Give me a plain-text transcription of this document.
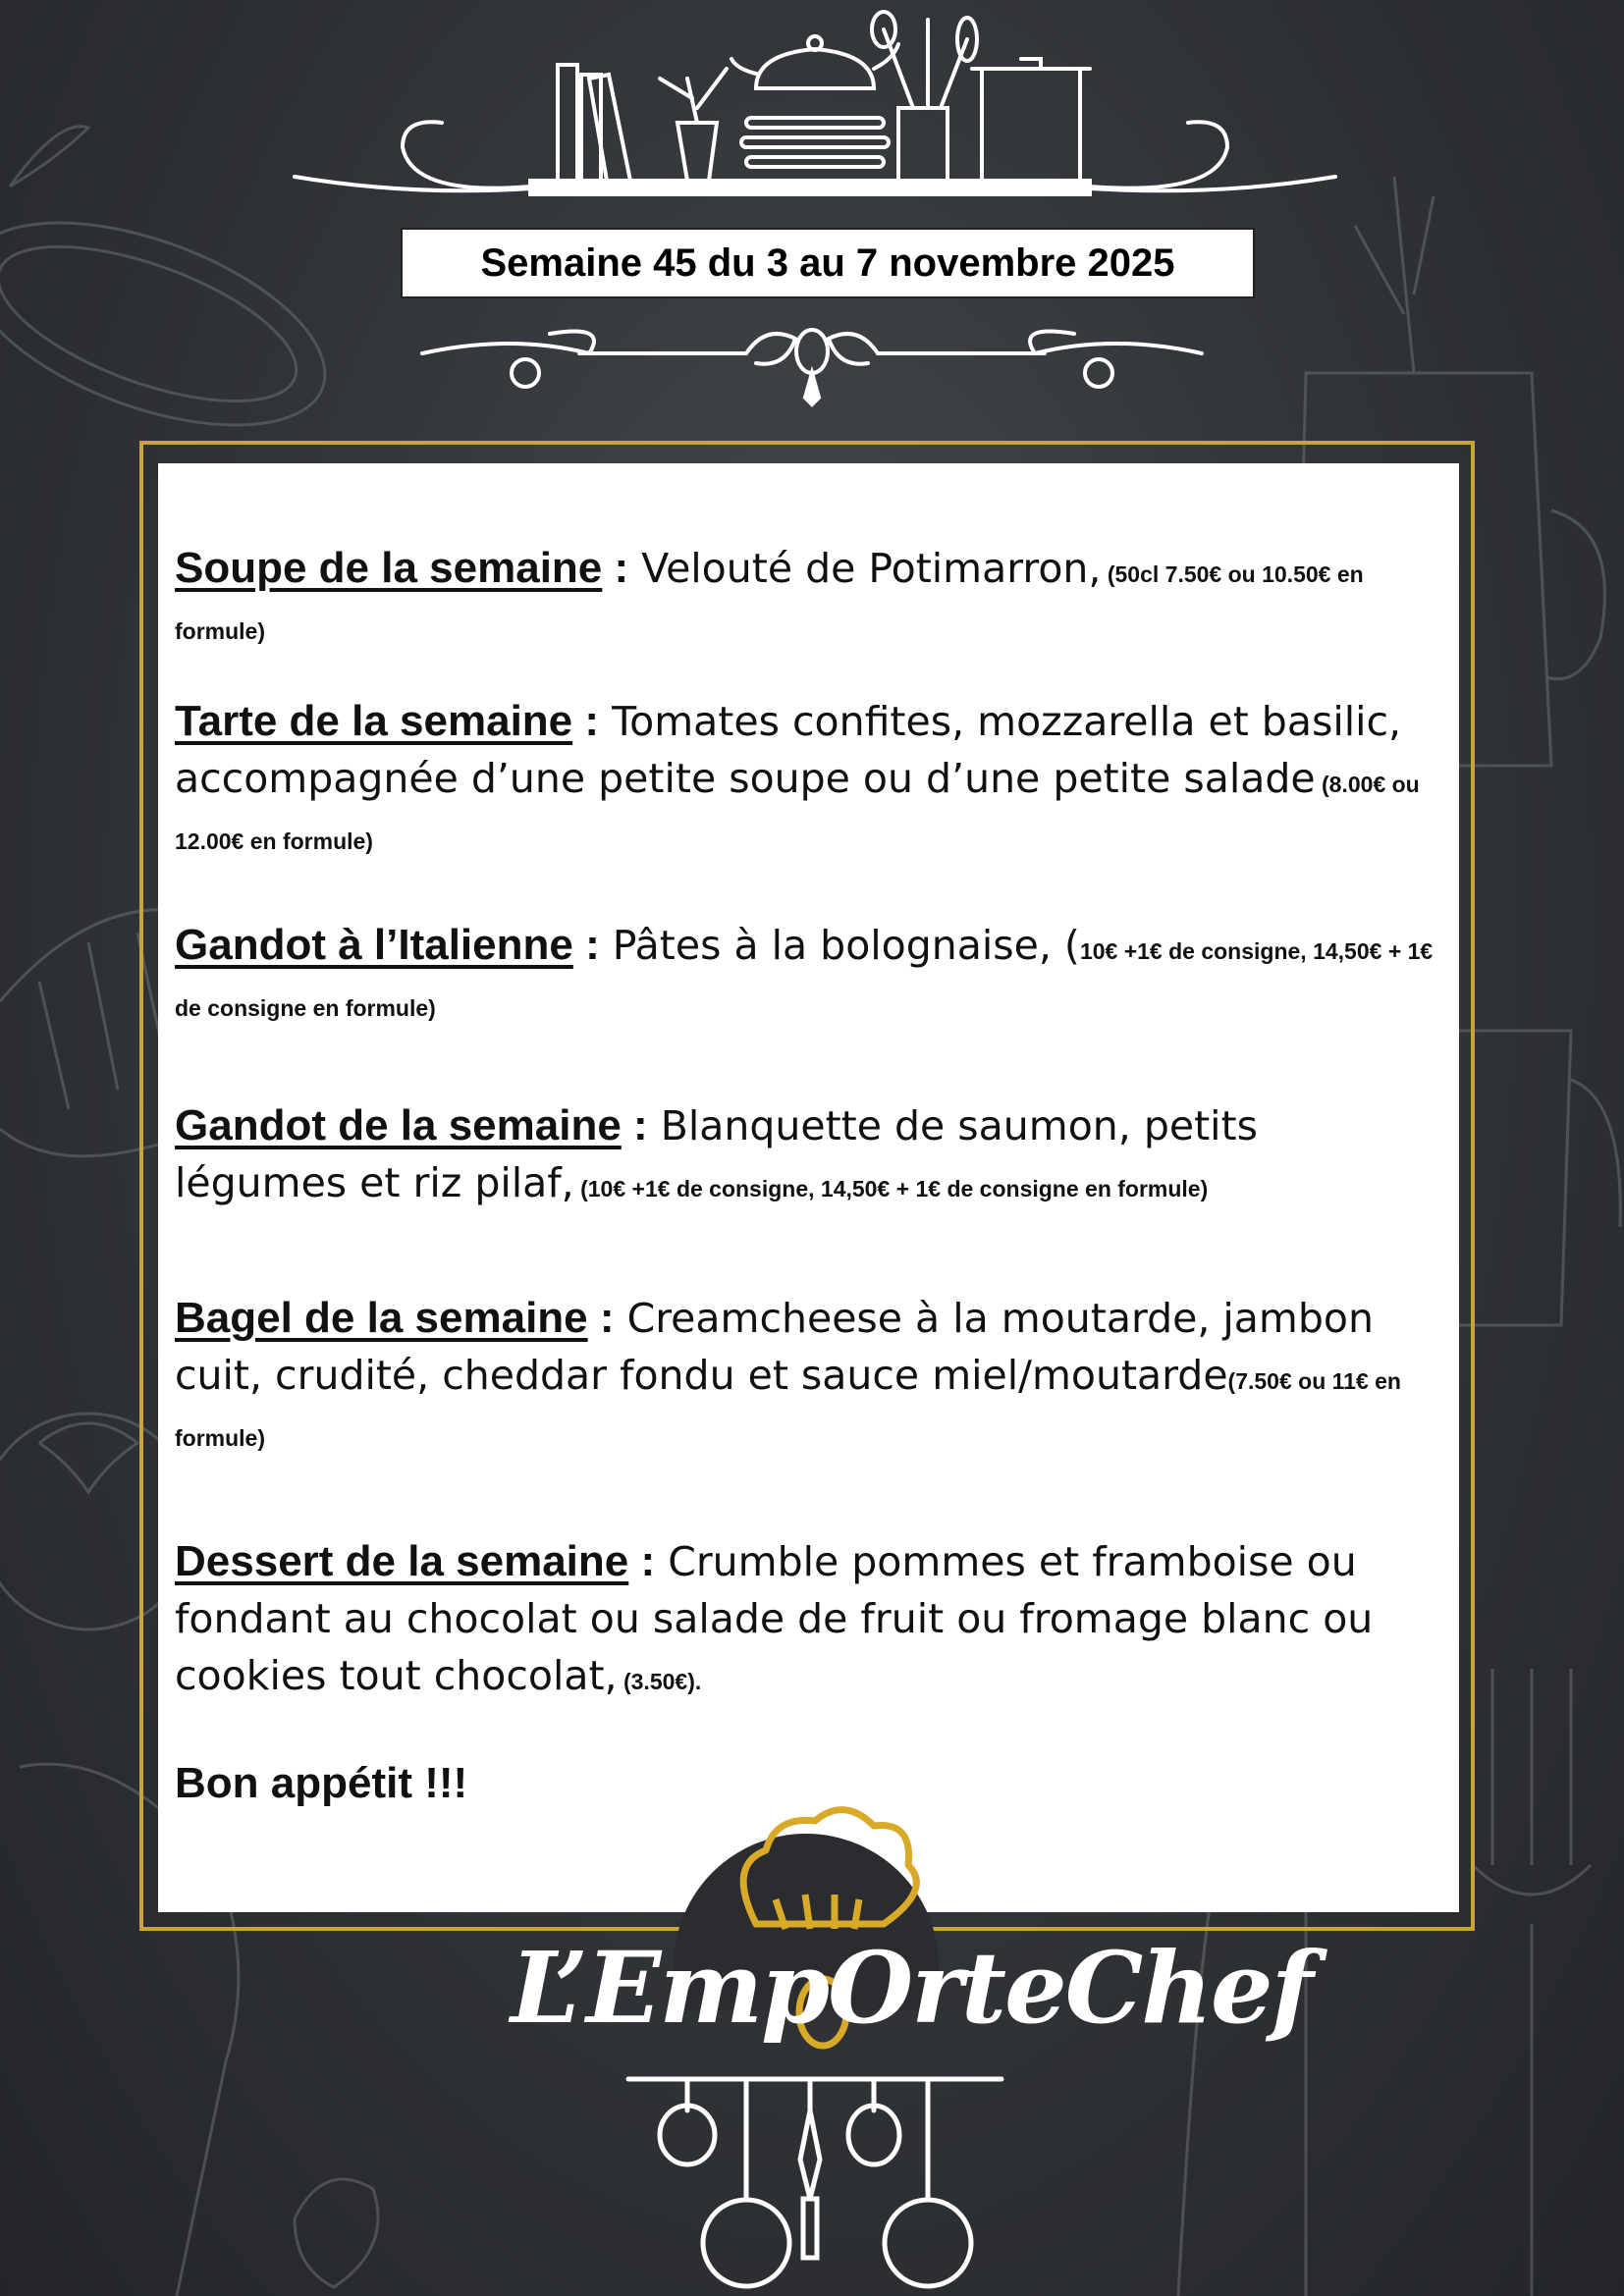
Semaine 45 du 3 au 7 novembre 2025

Soupe de la semaine : Velouté de Potimarron, (50cl 7.50€ ou 10.50€ en formule)

Tarte de la semaine : Tomates confites, mozzarella et basilic, accompagnée d’une petite soupe ou d’une petite salade (8.00€ ou 12.00€ en formule)

Gandot à l’Italienne : Pâtes à la bolognaise, (10€ +1€ de consigne, 14,50€ + 1€ de consigne en formule)

Gandot de la semaine : Blanquette de saumon, petits légumes et riz pilaf, (10€ +1€ de consigne, 14,50€ + 1€ de consigne en formule)

Bagel de la semaine : Creamcheese à la moutarde, jambon cuit, crudité, cheddar fondu et sauce miel/moutarde(7.50€ ou 11€ en formule)

Dessert de la semaine : Crumble pommes et framboise ou fondant au chocolat ou salade de fruit ou fromage blanc ou cookies tout chocolat, (3.50€).

Bon appétit !!!

L’EmpOrteChef
